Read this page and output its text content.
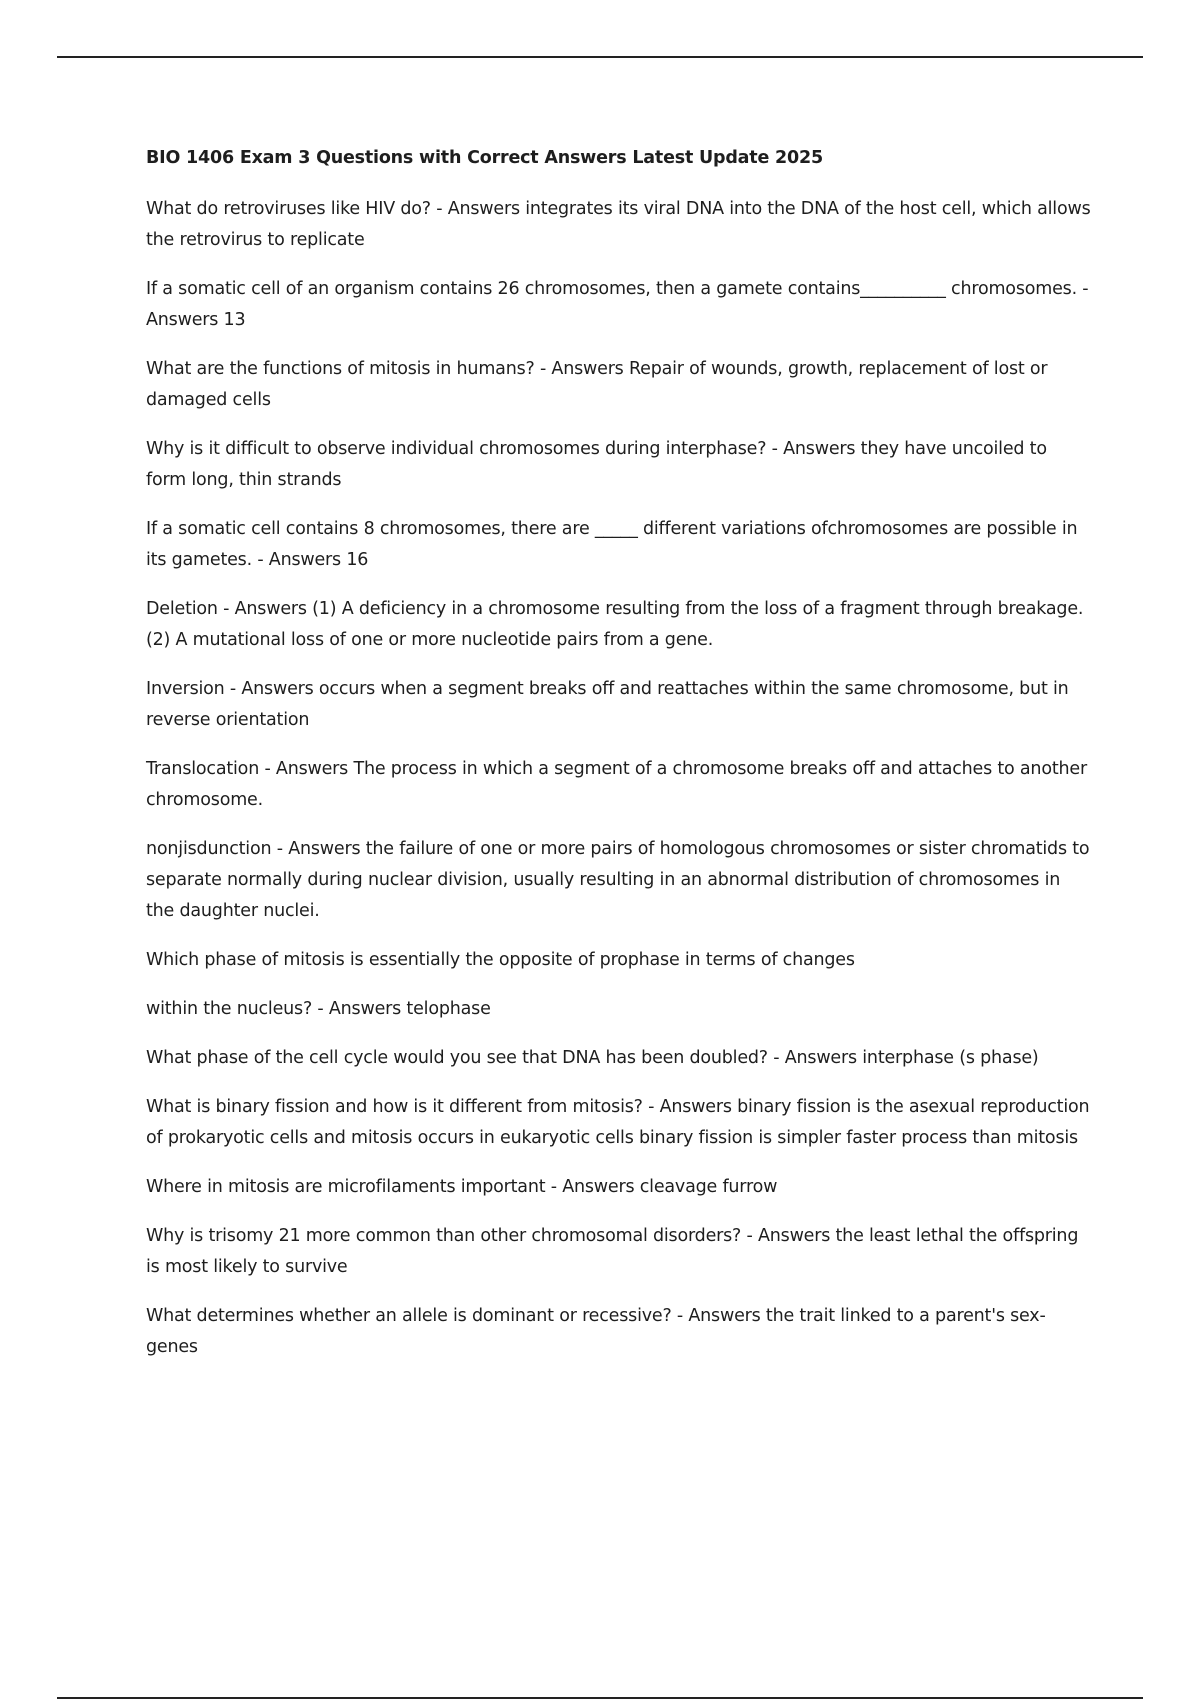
BIO 1406 Exam 3 Questions with Correct Answers Latest Update 2025

What do retroviruses like HIV do? - Answers integrates its viral DNA into the DNA of the host cell, which allows the retrovirus to replicate

If a somatic cell of an organism contains 26 chromosomes, then a gamete contains__________ chromosomes. - Answers 13

What are the functions of mitosis in humans? - Answers Repair of wounds, growth, replacement of lost or damaged cells

Why is it difficult to observe individual chromosomes during interphase? - Answers they have uncoiled to form long, thin strands

If a somatic cell contains 8 chromosomes, there are _____ different variations ofchromosomes are possible in its gametes. - Answers 16

Deletion - Answers (1) A deficiency in a chromosome resulting from the loss of a fragment through breakage. (2) A mutational loss of one or more nucleotide pairs from a gene.

Inversion - Answers occurs when a segment breaks off and reattaches within the same chromosome, but in reverse orientation

Translocation - Answers The process in which a segment of a chromosome breaks off and attaches to another chromosome.

nonjisdunction - Answers the failure of one or more pairs of homologous chromosomes or sister chromatids to separate normally during nuclear division, usually resulting in an abnormal distribution of chromosomes in the daughter nuclei.

Which phase of mitosis is essentially the opposite of prophase in terms of changes

within the nucleus? - Answers telophase

What phase of the cell cycle would you see that DNA has been doubled? - Answers interphase (s phase)

What is binary fission and how is it different from mitosis? - Answers binary fission is the asexual reproduction of prokaryotic cells and mitosis occurs in eukaryotic cells binary fission is simpler faster process than mitosis

Where in mitosis are microfilaments important - Answers cleavage furrow

Why is trisomy 21 more common than other chromosomal disorders? - Answers the least lethal the offspring is most likely to survive

What determines whether an allele is dominant or recessive? - Answers the trait linked to a parent's sex-genes
